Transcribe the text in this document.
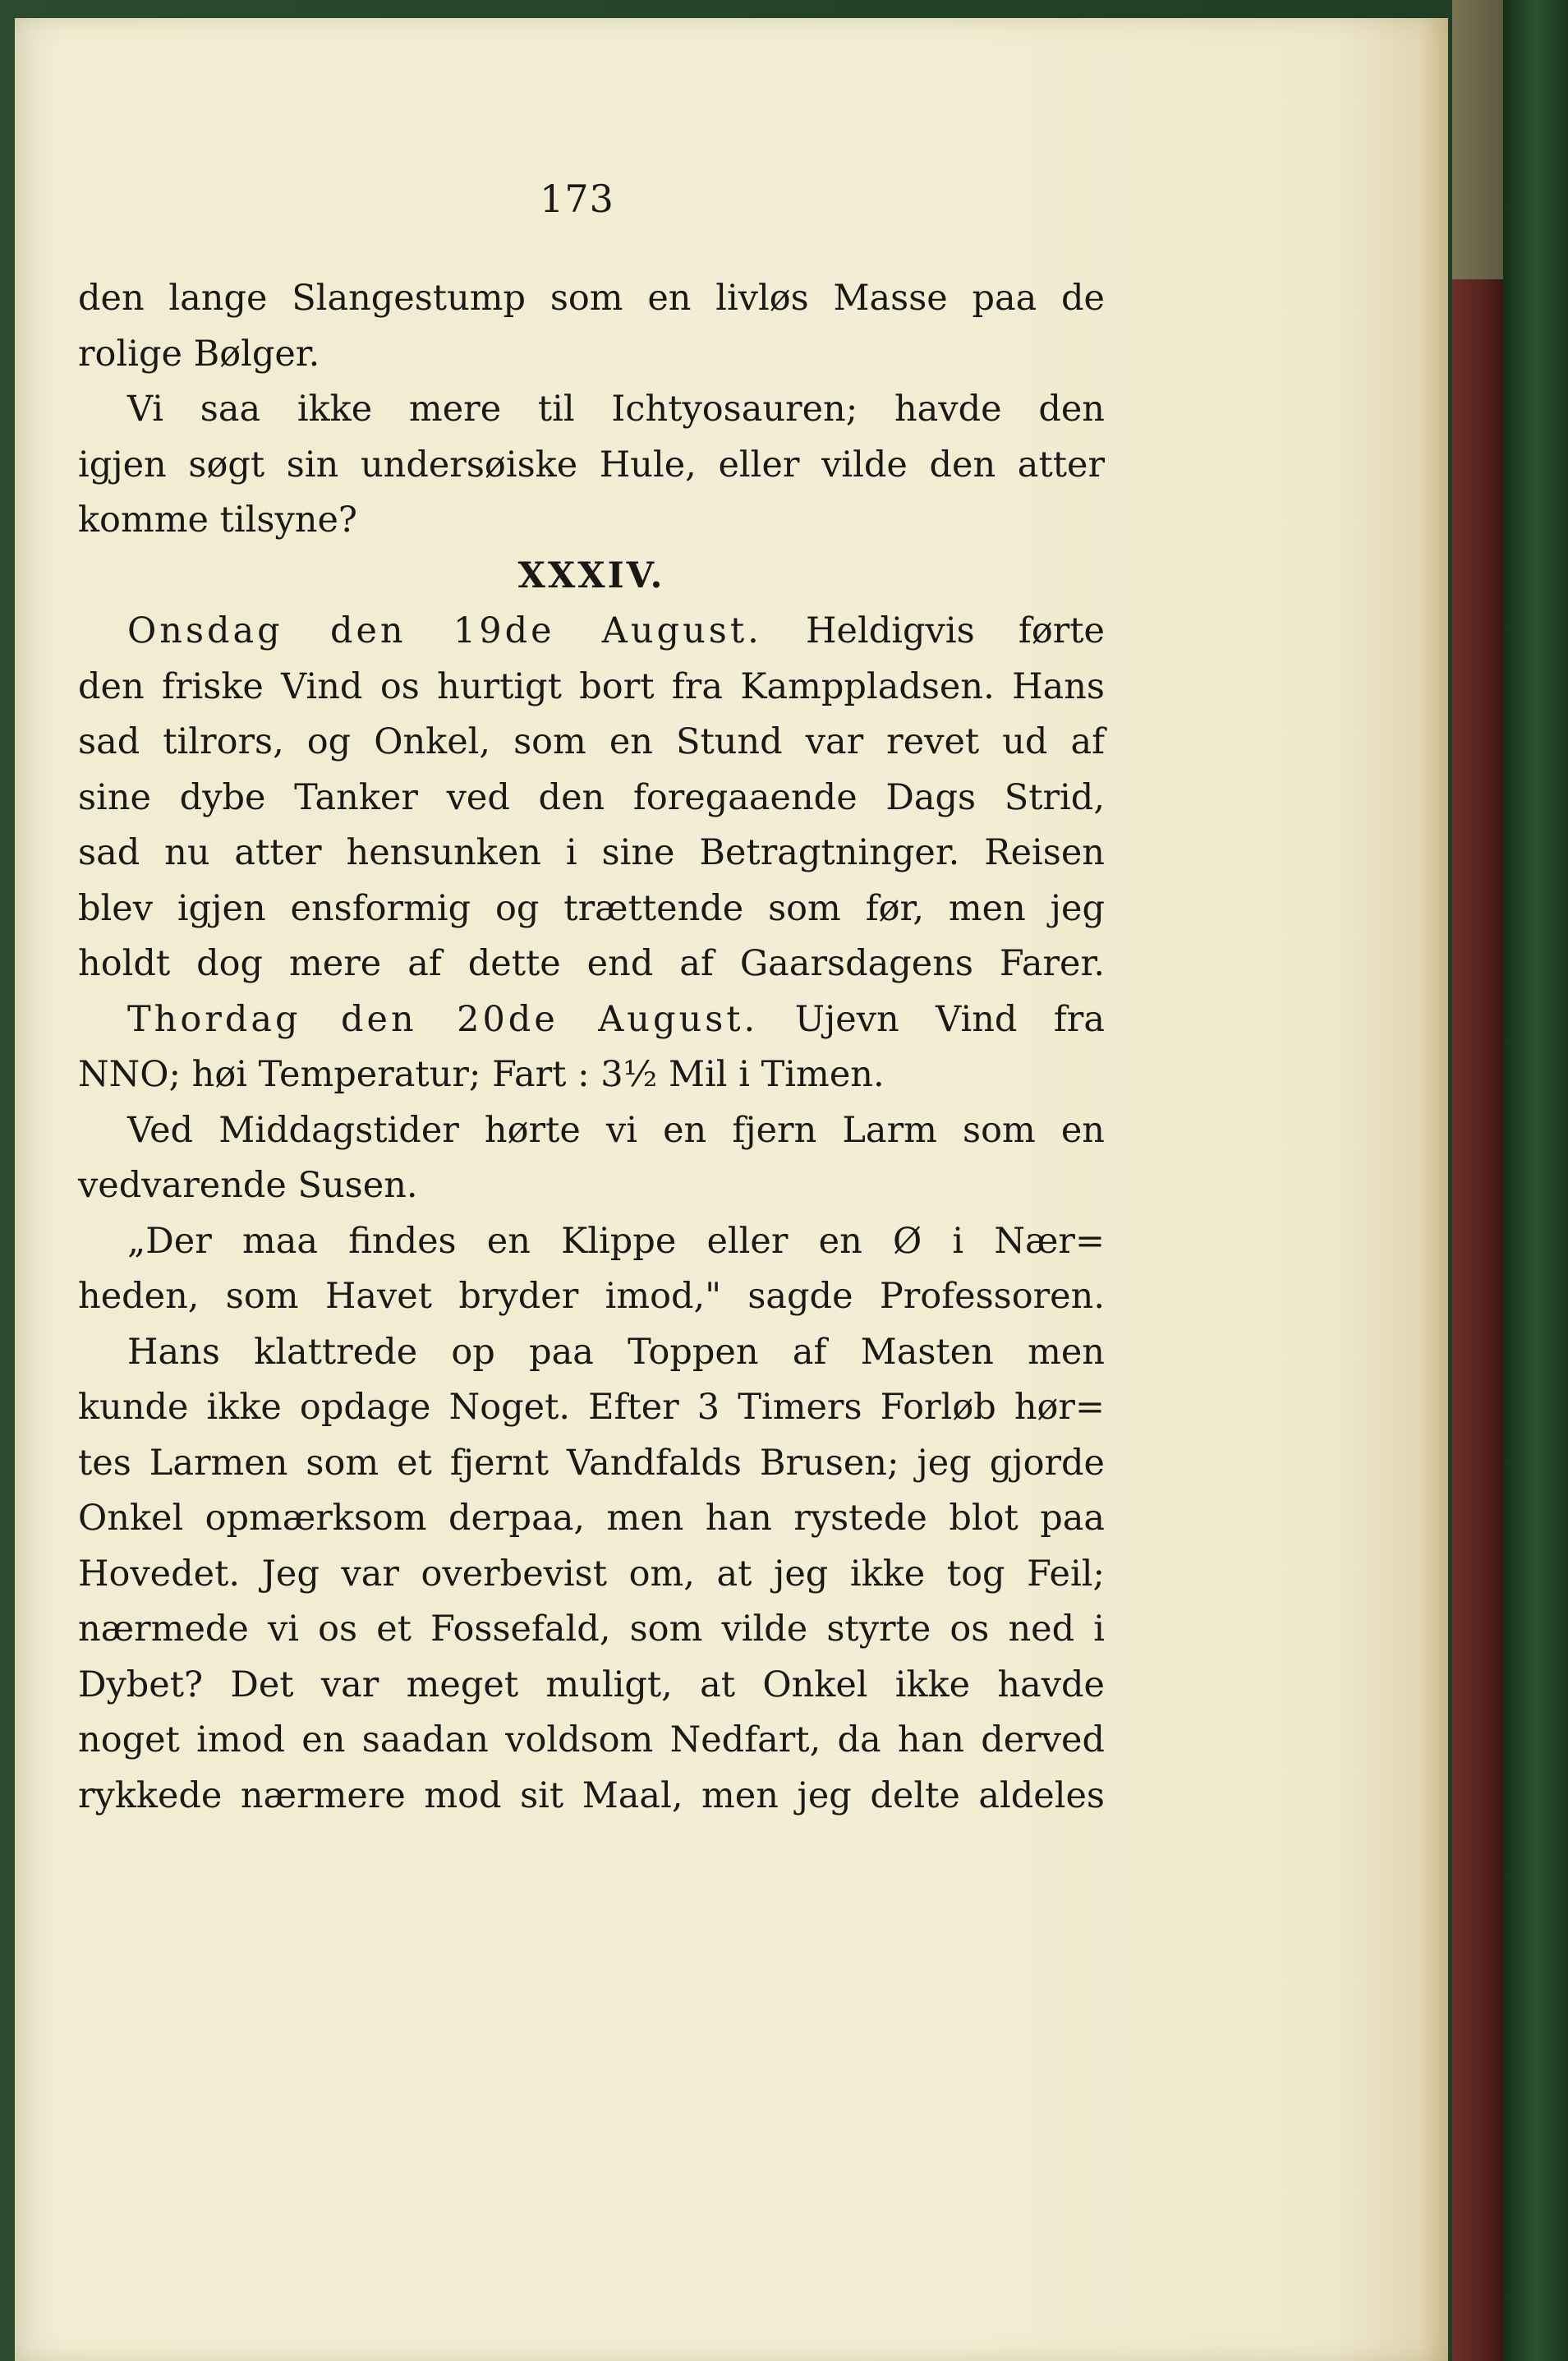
173
den lange Slangestump som en livløs Masse paa de
rolige Bølger.
Vi saa ikke mere til Ichtyosauren; havde den
igjen søgt sin undersøiske Hule, eller vilde den atter
komme tilsyne?
XXXIV.
Onsdag den 19de August. Heldigvis førte
den friske Vind os hurtigt bort fra Kamppladsen. Hans
sad tilrors, og Onkel, som en Stund var revet ud af
sine dybe Tanker ved den foregaaende Dags Strid,
sad nu atter hensunken i sine Betragtninger. Reisen
blev igjen ensformig og trættende som før, men jeg
holdt dog mere af dette end af Gaarsdagens Farer.
Thordag den 20de August. Ujevn Vind fra
NNO; høi Temperatur; Fart : 3½ Mil i Timen.
Ved Middagstider hørte vi en fjern Larm som en
vedvarende Susen.
„Der maa findes en Klippe eller en Ø i Nær=
heden, som Havet bryder imod," sagde Professoren.
Hans klattrede op paa Toppen af Masten men
kunde ikke opdage Noget. Efter 3 Timers Forløb hør=
tes Larmen som et fjernt Vandfalds Brusen; jeg gjorde
Onkel opmærksom derpaa, men han rystede blot paa
Hovedet. Jeg var overbevist om, at jeg ikke tog Feil;
nærmede vi os et Fossefald, som vilde styrte os ned i
Dybet? Det var meget muligt, at Onkel ikke havde
noget imod en saadan voldsom Nedfart, da han derved
rykkede nærmere mod sit Maal, men jeg delte aldeles
